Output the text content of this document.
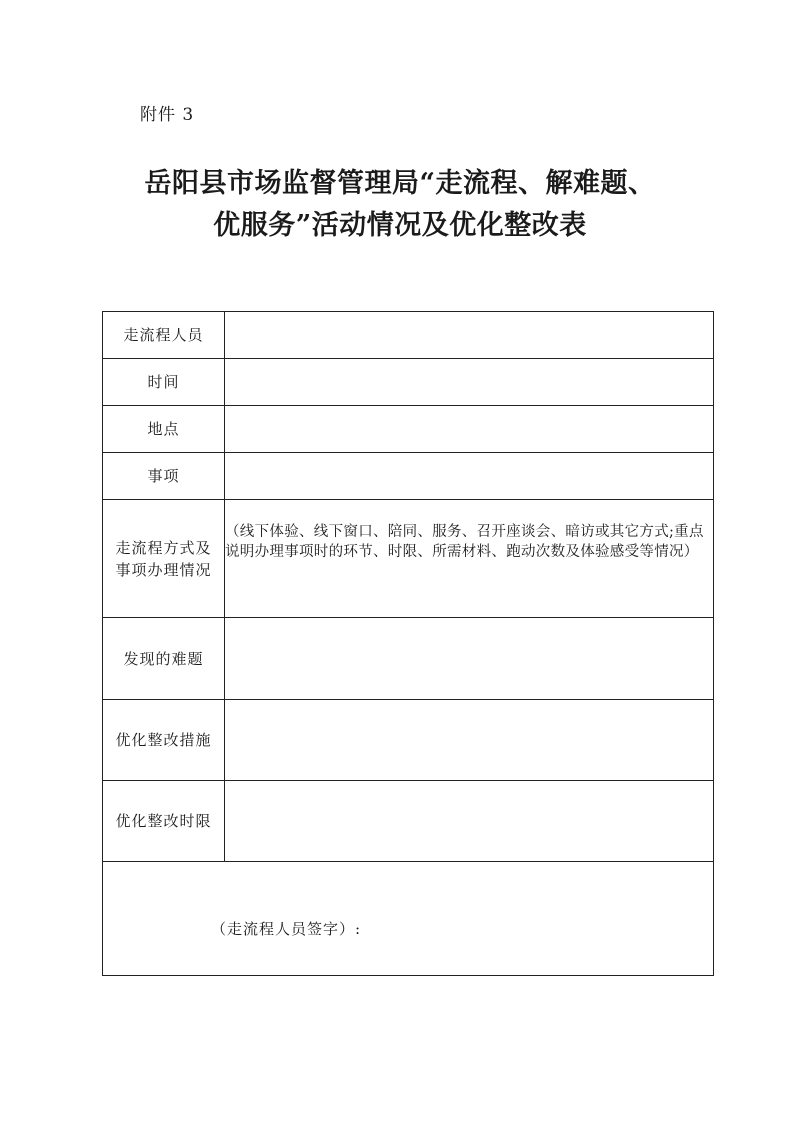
附件 3
岳阳县市场监督管理局“走流程、解难题、
优服务”活动情况及优化整改表
走流程人员	
时间	
地点	
事项	

走流程方式及
事项办理情况	（线下体验、线下窗口、陪同、服务、召开座谈会、暗访或其它方式;重点说明办理事项时的环节、时限、所需材料、跑动次数及体验感受等情况）
发现的难题	
优化整改措施	
优化整改时限	

（走流程人员签字）:	
